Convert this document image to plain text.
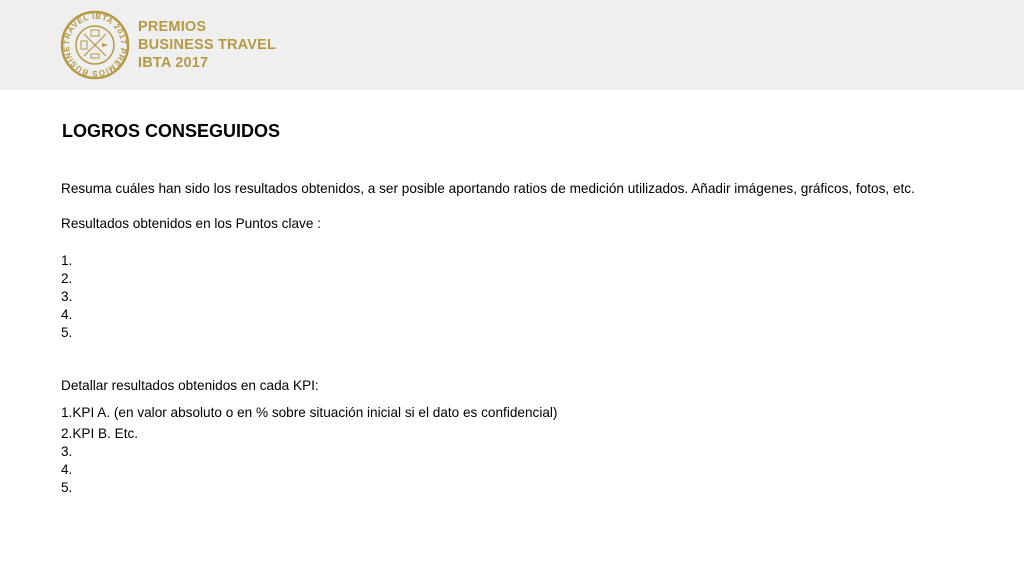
TRAVEL IBTA 2017 PREMIOS BUSINE
PREMIOS
BUSINESS TRAVEL
IBTA 2017
LOGROS CONSEGUIDOS
Resuma cuáles han sido los resultados obtenidos, a ser posible aportando ratios de medición utilizados. Añadir imágenes, gráficos, fotos, etc.
Resultados obtenidos en los Puntos clave :
1.
2.
3.
4.
5.
Detallar resultados obtenidos en cada KPI:
1.KPI A. (en valor absoluto o en % sobre situación inicial si el dato es confidencial)
2.KPI B. Etc.
3.
4.
5.
